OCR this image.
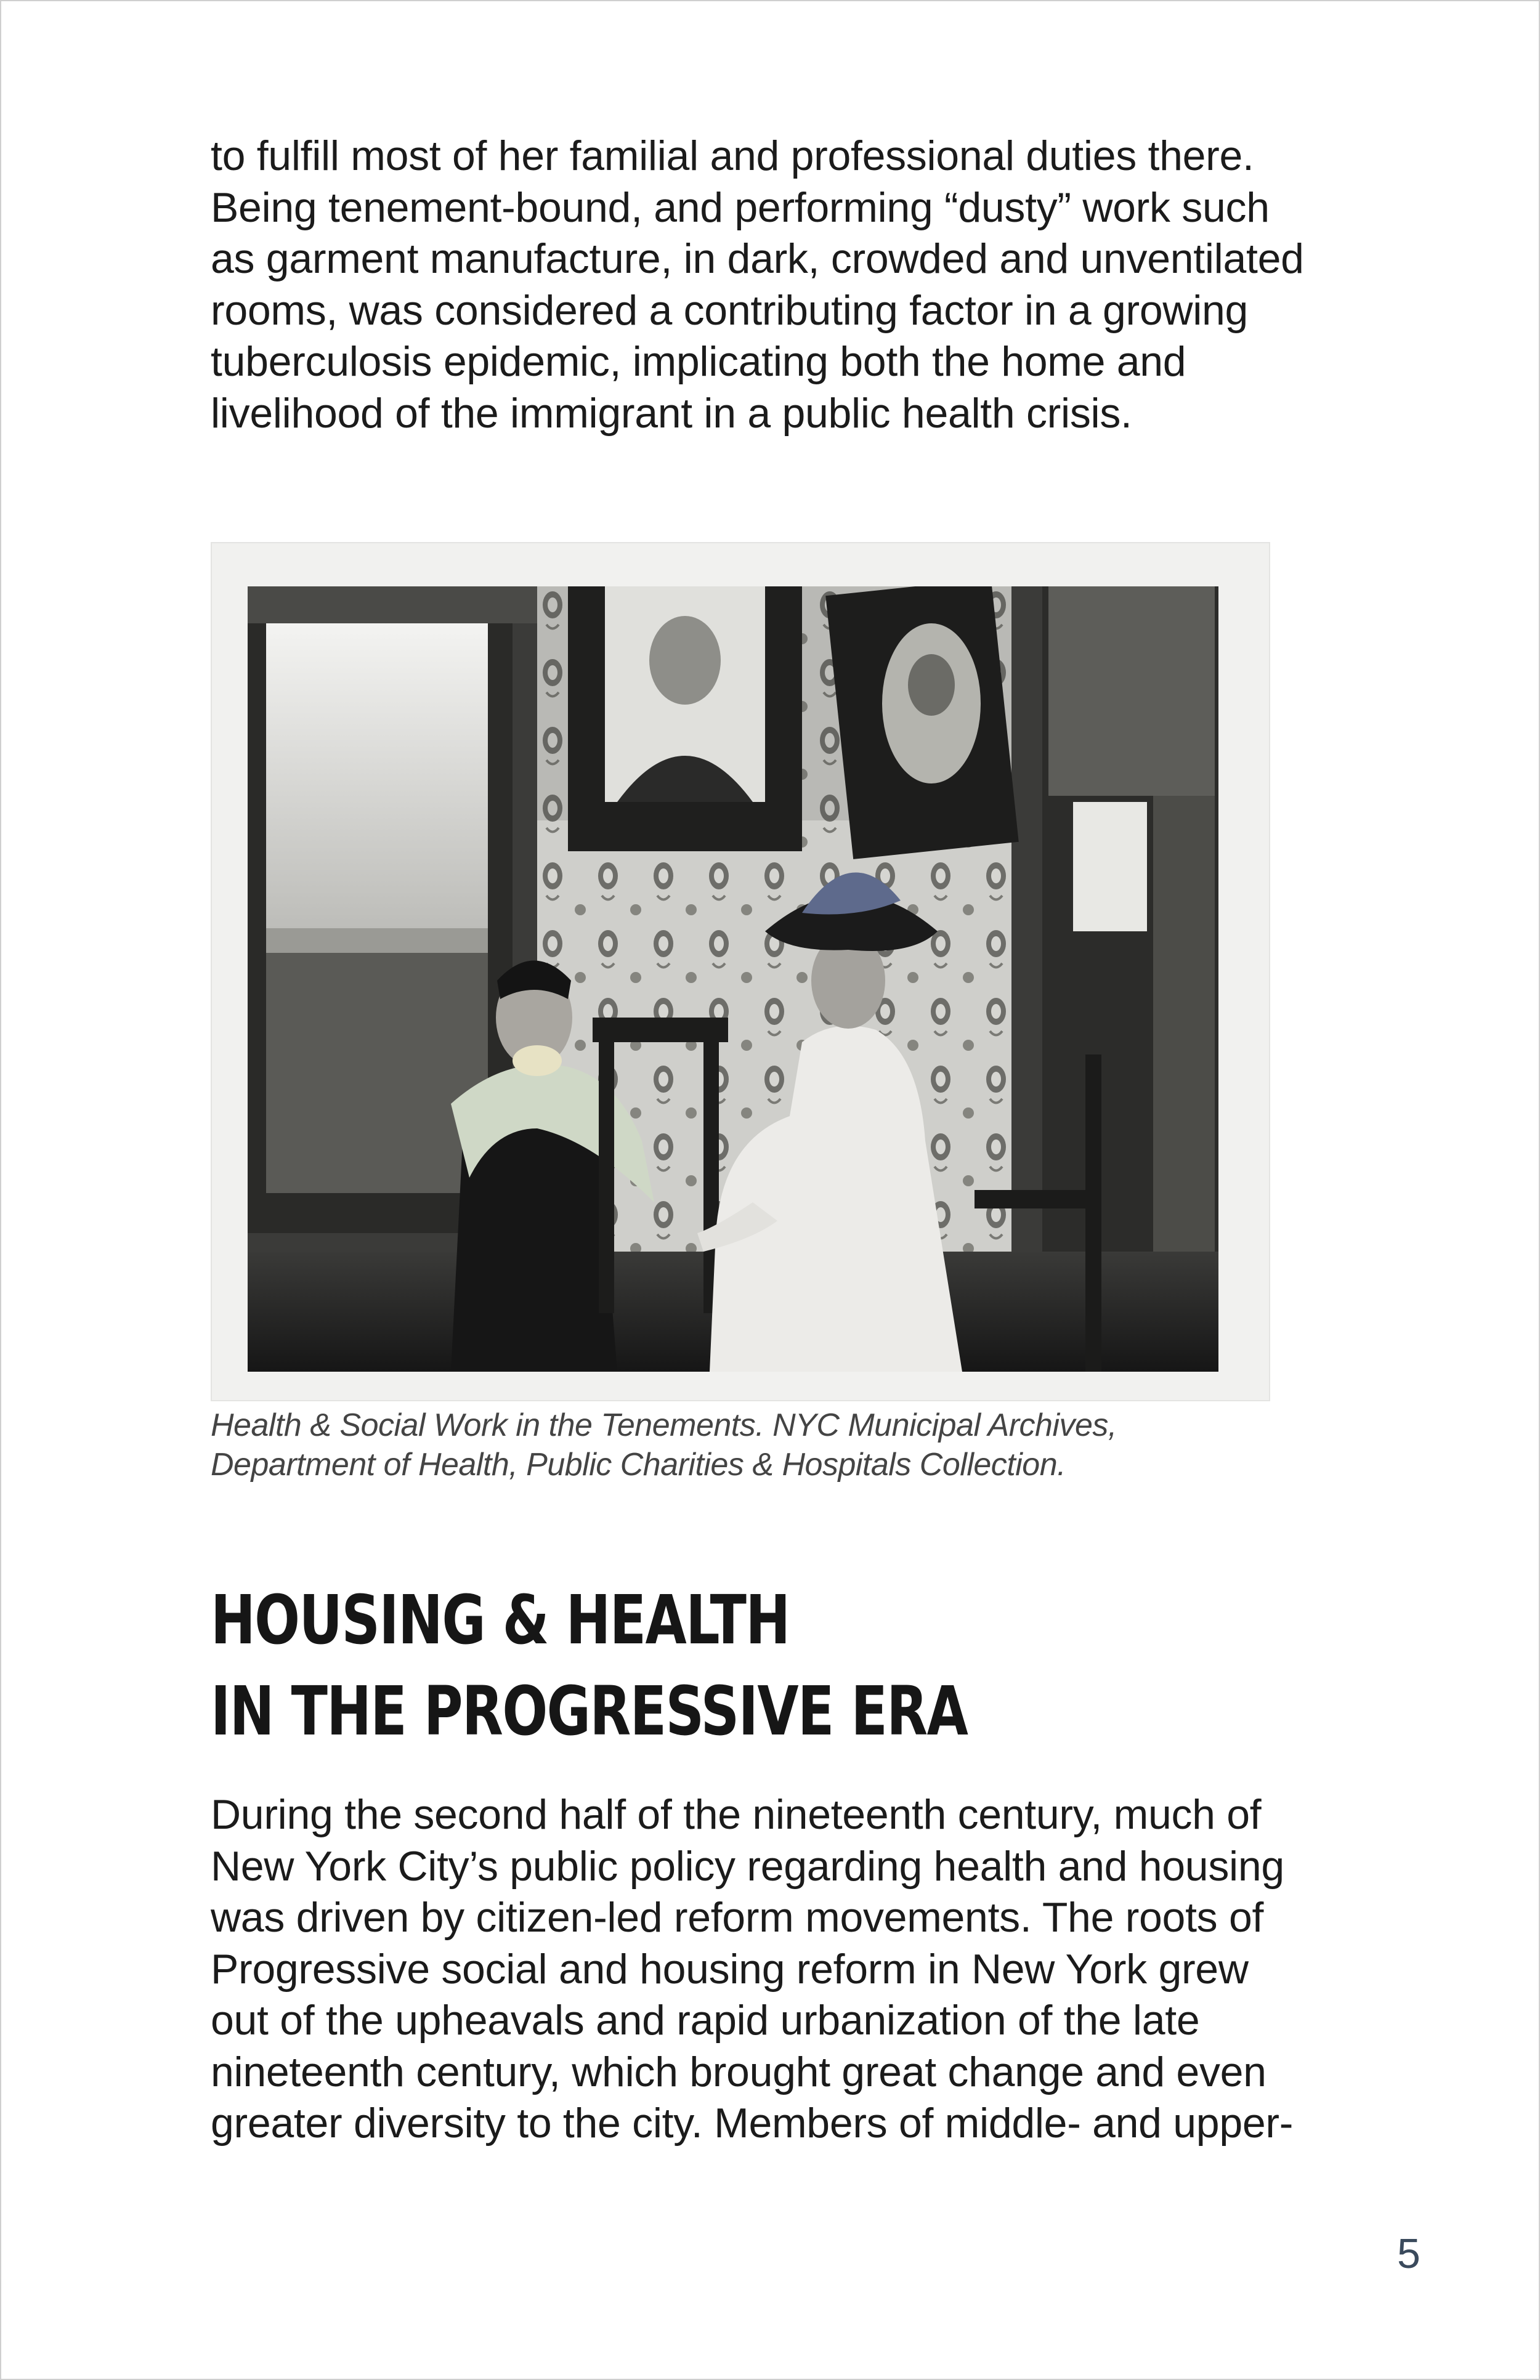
to fulfill most of her familial and professional duties there.
Being tenement-bound, and performing “dusty” work such
as garment manufacture, in dark, crowded and unventilated
rooms, was considered a contributing factor in a growing
tuberculosis epidemic, implicating both the home and
livelihood of the immigrant in a public health crisis.

Health & Social Work in the Tenements. NYC Municipal Archives,
Department of Health, Public Charities & Hospitals Collection.

HOUSING & HEALTH
IN THE PROGRESSIVE ERA

During the second half of the nineteenth century, much of
New York City’s public policy regarding health and housing
was driven by citizen-led reform movements. The roots of
Progressive social and housing reform in New York grew
out of the upheavals and rapid urbanization of the late
nineteenth century, which brought great change and even
greater diversity to the city. Members of middle- and upper-

5
